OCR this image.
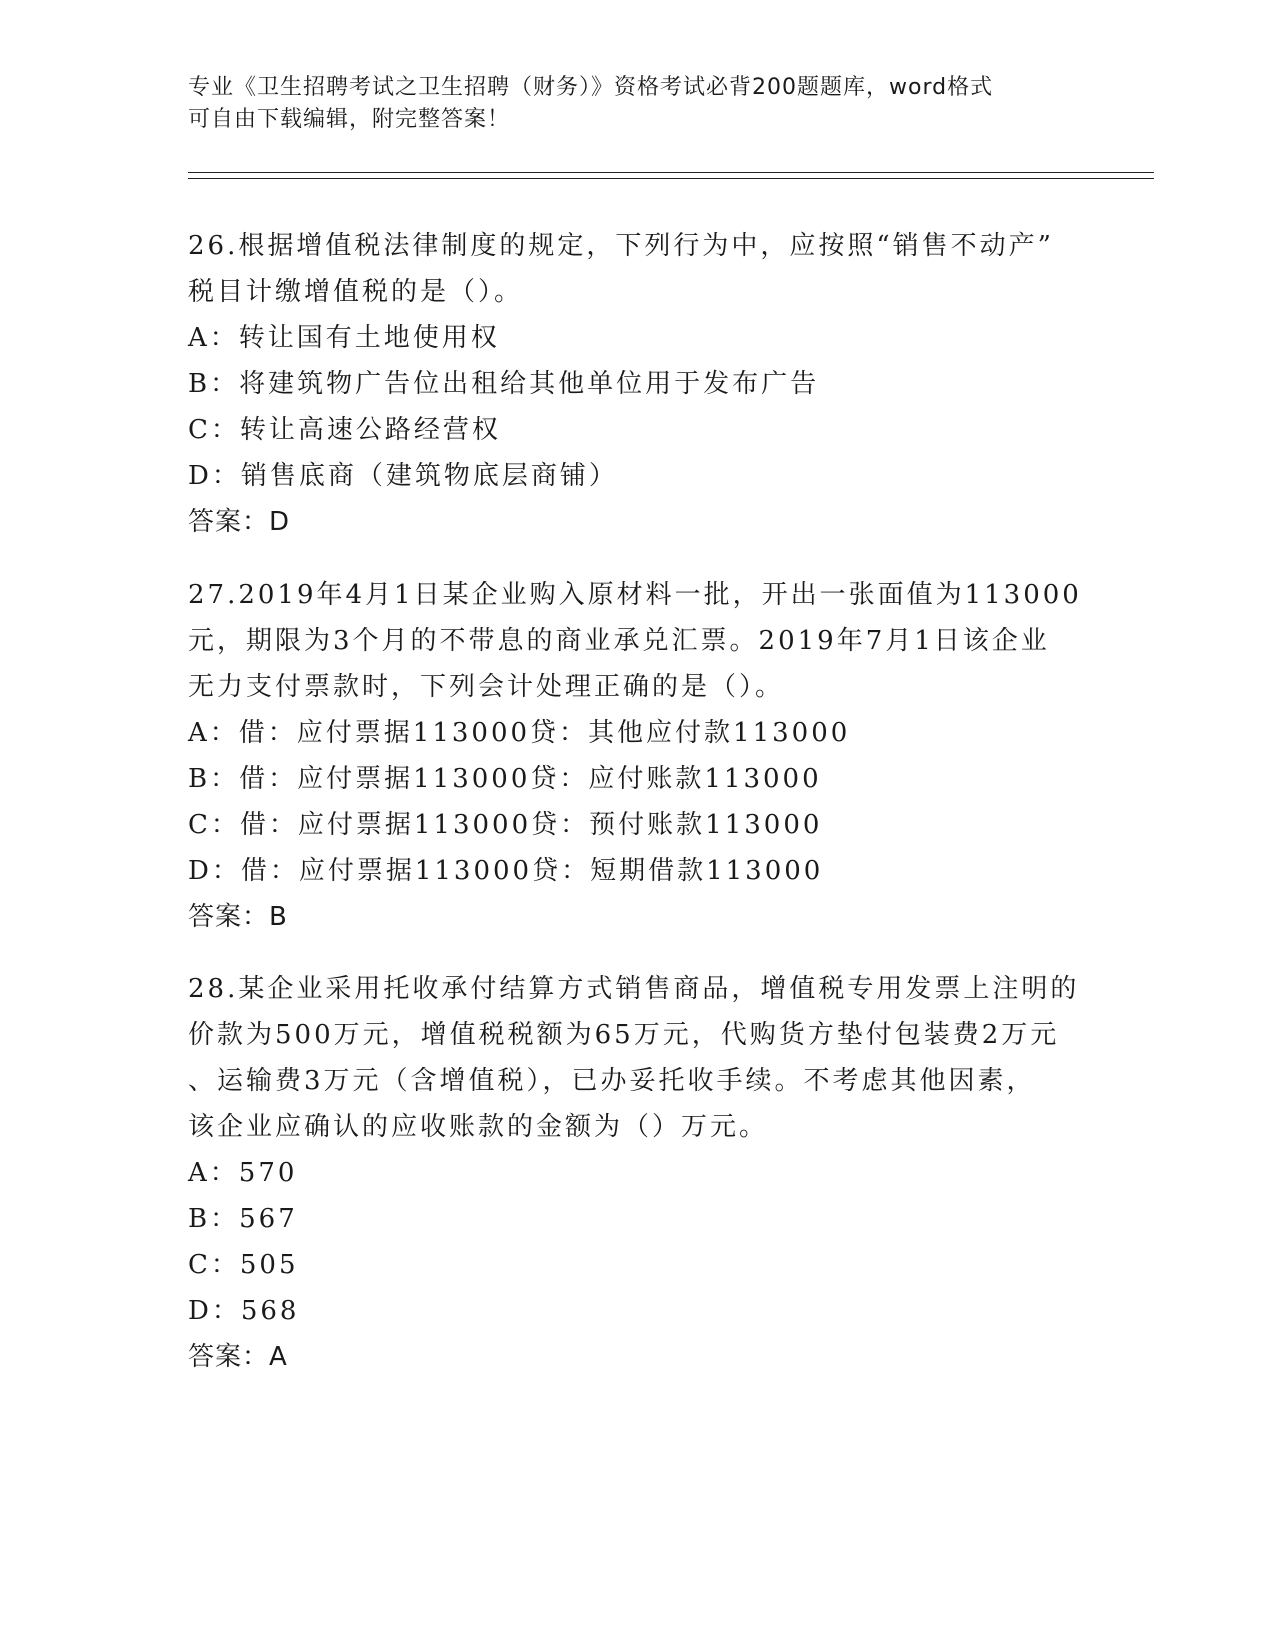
专业《卫生招聘考试之卫生招聘（财务）》资格考试必背200题题库，word格式
可自由下载编辑，附完整答案！

26.根据增值税法律制度的规定，下列行为中，应按照“销售不动产”

税目计缴增值税的是（）。

A：转让国有土地使用权

B：将建筑物广告位出租给其他单位用于发布广告

C：转让高速公路经营权

D：销售底商（建筑物底层商铺）

答案：D

27.2019年4月1日某企业购入原材料一批，开出一张面值为113000

元，期限为3个月的不带息的商业承兑汇票。2019年7月1日该企业

无力支付票款时，下列会计处理正确的是（）。

A：借：应付票据113000贷：其他应付款113000

B：借：应付票据113000贷：应付账款113000

C：借：应付票据113000贷：预付账款113000

D：借：应付票据113000贷：短期借款113000

答案：B

28.某企业采用托收承付结算方式销售商品，增值税专用发票上注明的

价款为500万元，增值税税额为65万元，代购货方垫付包装费2万元

、运输费3万元（含增值税），已办妥托收手续。不考虑其他因素，

该企业应确认的应收账款的金额为（）万元。

A：570

B：567

C：505

D：568

答案：A
